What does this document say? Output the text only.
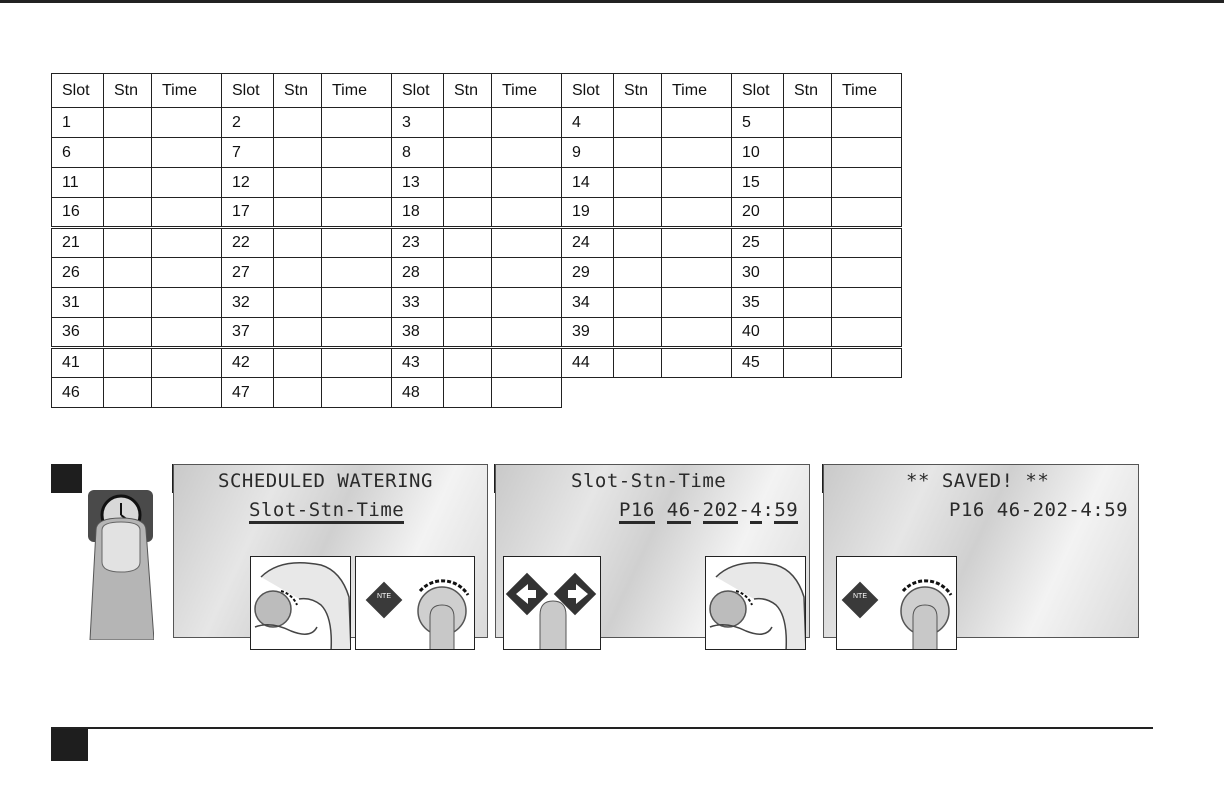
Slot	Stn	Time	Slot	Stn	Time	Slot	Stn	Time	Slot	Stn	Time	Slot	Stn	Time
1			2			3			4			5		
6			7			8			9			10		
11			12			13			14			15		
16			17			18			19			20		
21			22			23			24			25		
26			27			28			29			30		
31			32			33			34			35		
36			37			38			39			40		
41			42			43			44			45		
46			47			48								
SCHEDULED WATERING
Slot-Stn-Time
NTE
Slot-Stn-Time
P16 46-202-4:59
** SAVED! **
P16 46-202-4:59
NTE
